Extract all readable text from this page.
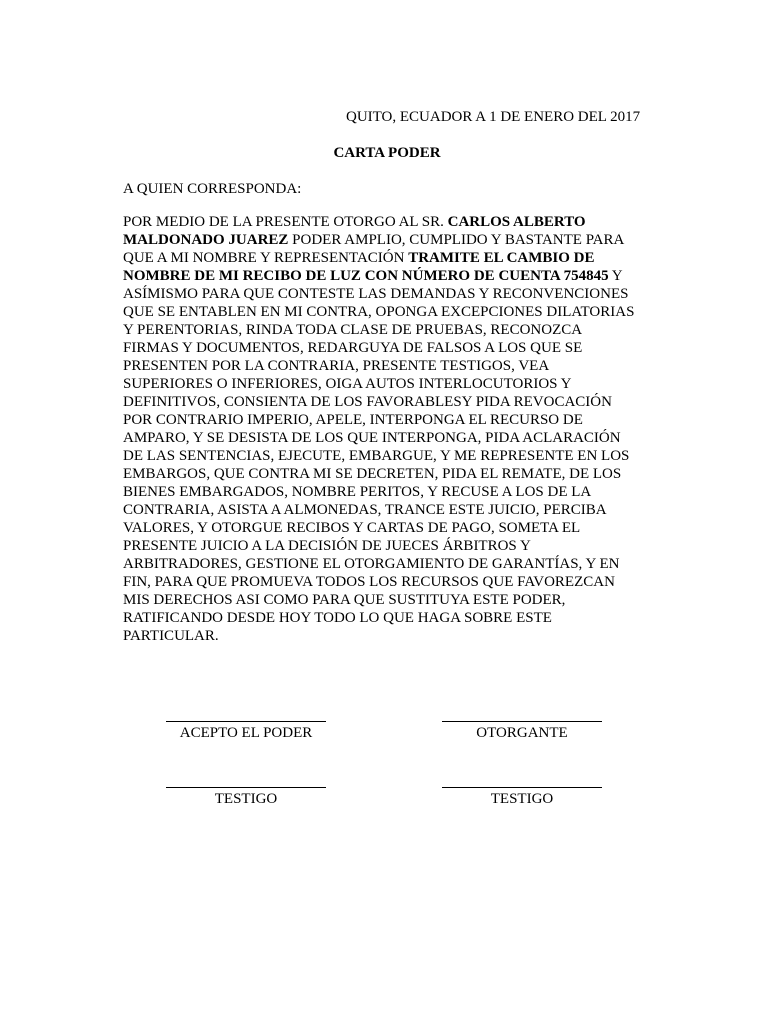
QUITO, ECUADOR A 1 DE ENERO DEL 2017
CARTA PODER
A QUIEN CORRESPONDA:
POR MEDIO DE LA PRESENTE OTORGO AL SR. CARLOS ALBERTO
MALDONADO JUAREZ PODER AMPLIO, CUMPLIDO Y BASTANTE PARA
QUE A MI NOMBRE Y REPRESENTACIÓN TRAMITE EL CAMBIO DE
NOMBRE DE MI RECIBO DE LUZ CON NÚMERO DE CUENTA 754845 Y
ASÍMISMO PARA QUE CONTESTE LAS DEMANDAS Y RECONVENCIONES
QUE SE ENTABLEN EN MI CONTRA, OPONGA EXCEPCIONES DILATORIAS
Y PERENTORIAS, RINDA TODA CLASE DE PRUEBAS, RECONOZCA
FIRMAS Y DOCUMENTOS, REDARGUYA DE FALSOS A LOS QUE SE
PRESENTEN POR LA CONTRARIA, PRESENTE TESTIGOS, VEA
SUPERIORES O INFERIORES, OIGA AUTOS INTERLOCUTORIOS Y
DEFINITIVOS, CONSIENTA DE LOS FAVORABLESY PIDA REVOCACIÓN
POR CONTRARIO IMPERIO, APELE, INTERPONGA EL RECURSO DE
AMPARO, Y SE DESISTA DE LOS QUE INTERPONGA, PIDA ACLARACIÓN
DE LAS SENTENCIAS, EJECUTE, EMBARGUE, Y ME REPRESENTE EN LOS
EMBARGOS, QUE CONTRA MI SE DECRETEN, PIDA EL REMATE, DE LOS
BIENES EMBARGADOS, NOMBRE PERITOS, Y RECUSE A LOS DE LA
CONTRARIA, ASISTA A ALMONEDAS, TRANCE ESTE JUICIO, PERCIBA
VALORES, Y OTORGUE RECIBOS Y CARTAS DE PAGO, SOMETA EL
PRESENTE JUICIO A LA DECISIÓN DE JUECES ÁRBITROS Y
ARBITRADORES, GESTIONE EL OTORGAMIENTO DE GARANTÍAS, Y EN
FIN, PARA QUE PROMUEVA TODOS LOS RECURSOS QUE FAVOREZCAN
MIS DERECHOS ASI COMO PARA QUE SUSTITUYA ESTE PODER,
RATIFICANDO DESDE HOY TODO LO QUE HAGA SOBRE ESTE
PARTICULAR.
ACEPTO EL PODER	OTORGANTE
TESTIGO	TESTIGO
